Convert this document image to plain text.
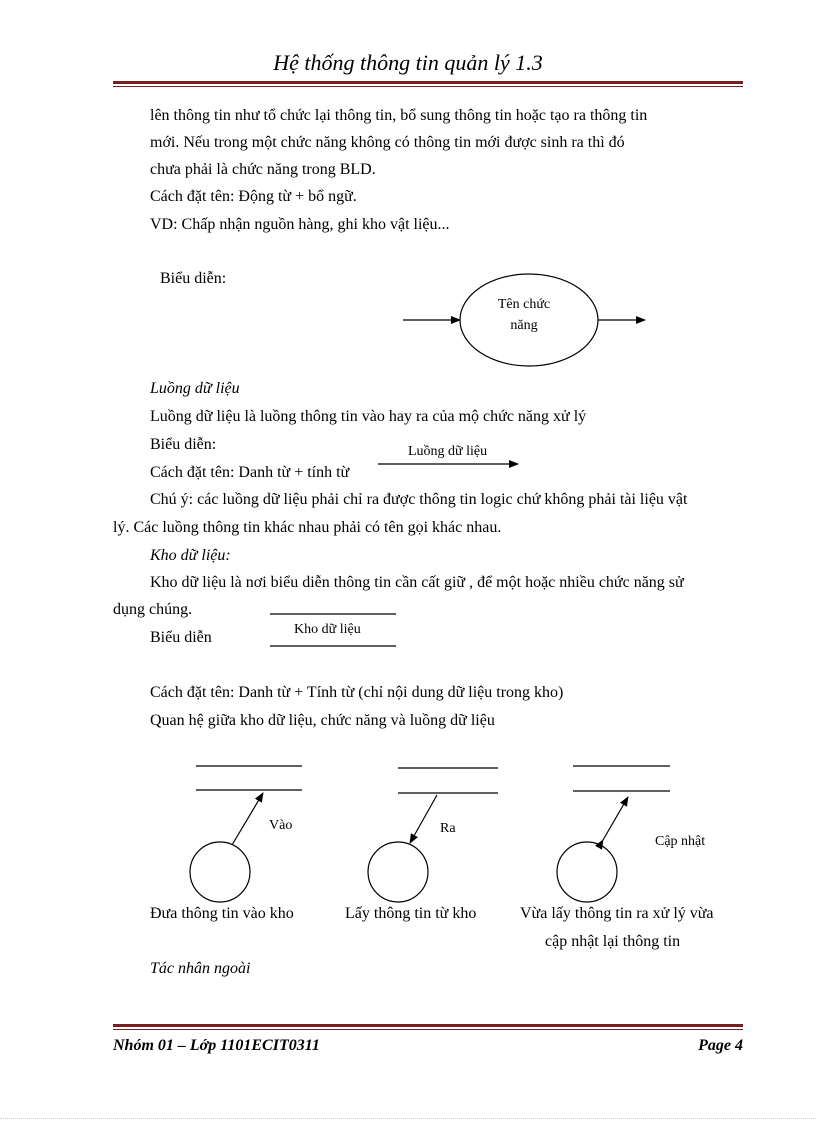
Hệ thống thông tin quản lý 1.3
lên thông tin như tổ chức lại thông tin, bổ sung thông tin hoặc tạo ra thông tin
mới. Nếu trong một chức năng không có thông tin mới được sinh ra thì đó
chưa phải là chức năng trong BLD.
Cách đặt tên: Động từ + bổ ngữ.
VD: Chấp nhận nguồn hàng, ghi kho vật liệu...
Biểu diễn:
Tên chức
năng
Luồng dữ liệu
Luồng dữ liệu là luồng thông tin vào hay ra của mộ chức năng xử lý
Biểu diễn:	Luồng dữ liệu
Cách đặt tên: Danh từ + tính từ
Chú ý: các luồng dữ liệu phải chỉ ra được thông tin logic chứ không phải tài liệu vật
lý. Các luồng thông tin khác nhau phải có tên gọi khác nhau.
Kho dữ liệu:
Kho dữ liệu là nơi biểu diễn thông tin cần cất giữ , để một hoặc nhiều chức năng sử
dụng chúng.
Biểu diễn	Kho dữ liệu
Cách đặt tên: Danh từ + Tính từ (chỉ nội dung dữ liệu trong kho)
Quan hệ giữa kho dữ liệu, chức năng và luồng dữ liệu
Vào	Ra
Cập nhật
Đưa thông tin vào kho	Lấy thông tin từ kho	Vừa lấy thông tin ra xử lý vừa
cập nhật lại thông tin
Tác nhân ngoài
Nhóm 01 – Lớp 1101ECIT0311	Page 4
